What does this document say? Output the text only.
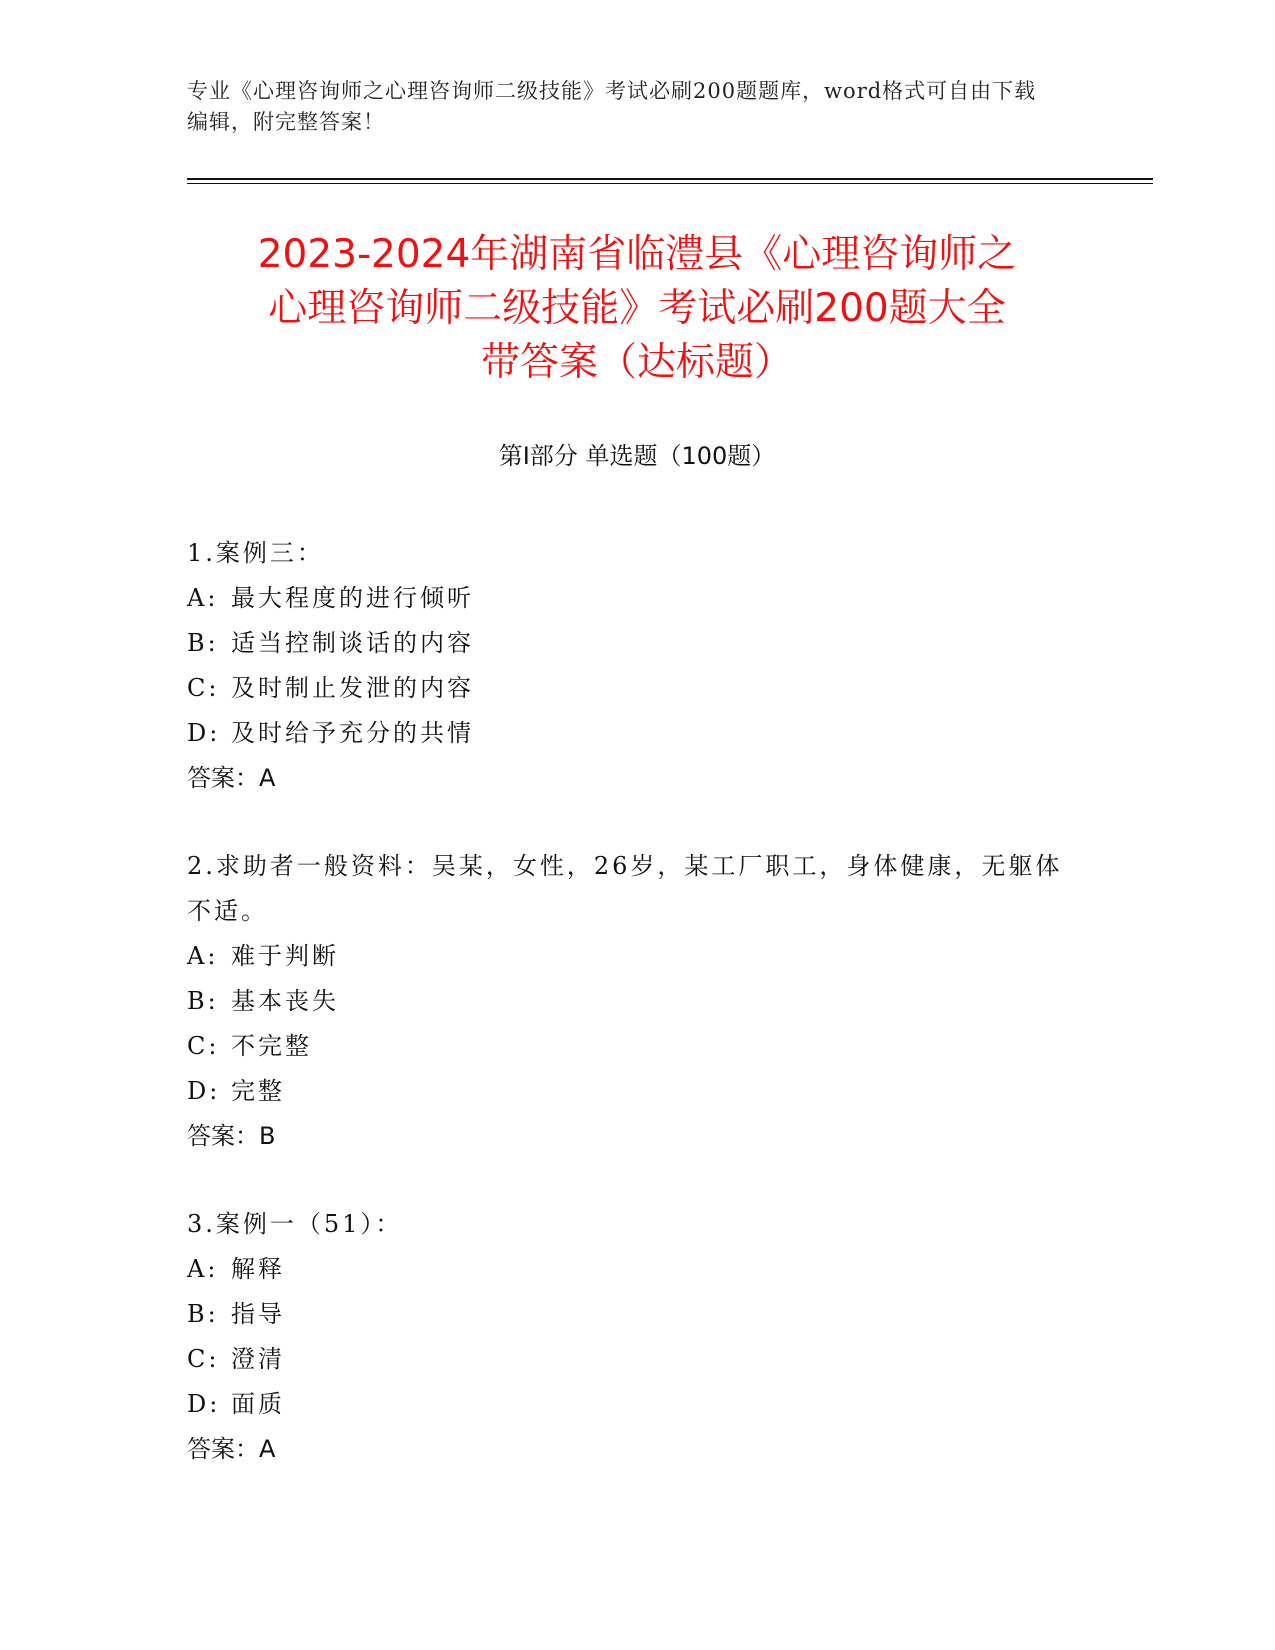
专业《心理咨询师之心理咨询师二级技能》考试必刷200题题库，word格式可自由下载编辑，附完整答案！
2023-2024年湖南省临澧县《心理咨询师之
心理咨询师二级技能》考试必刷200题大全
带答案（达标题）
第Ⅰ部分 单选题（100题）
1.案例三：
A: 最大程度的进行倾听
B: 适当控制谈话的内容
C: 及时制止发泄的内容
D: 及时给予充分的共情
答案：A
2.求助者一般资料：吴某，女性，26岁，某工厂职工，身体健康，无躯体不适。
A: 难于判断
B: 基本丧失
C: 不完整
D: 完整
答案：B
3.案例一（51）：
A: 解释
B: 指导
C: 澄清
D: 面质
答案：A
